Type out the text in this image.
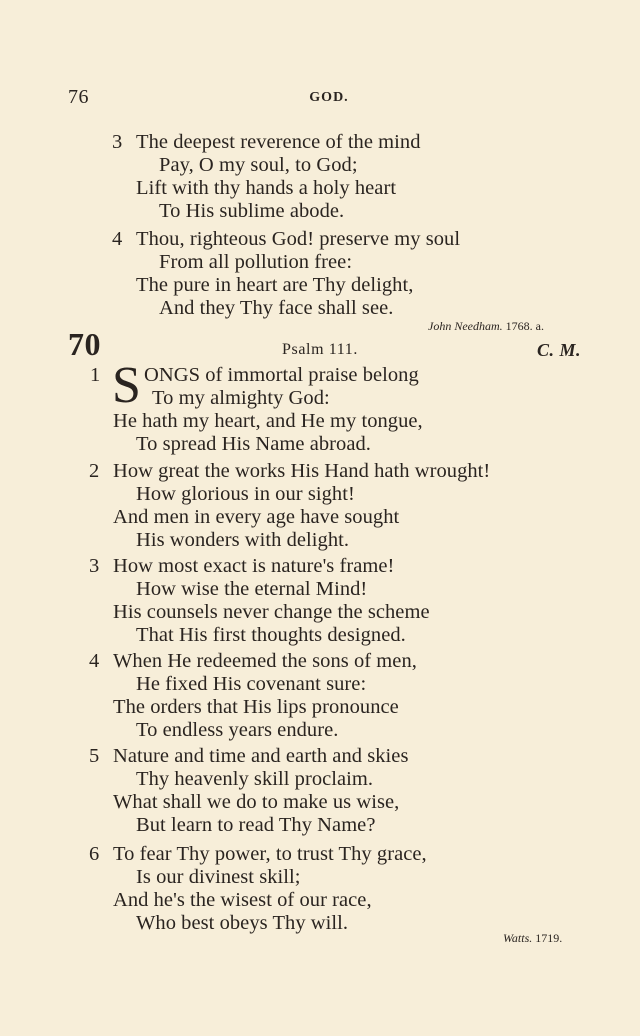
76	GOD.
3 The deepest reverence of the mind
Pay, O my soul, to God;
Lift with thy hands a holy heart
To His sublime abode.
4 Thou, righteous God! preserve my soul
From all pollution free:
The pure in heart are Thy delight,
And they Thy face shall see.
John Needham. 1768. a.
70	Psalm 111.	C. M.
1 S ONGS of immortal praise belong
To my almighty God:
He hath my heart, and He my tongue,
To spread His Name abroad.
2 How great the works His Hand hath wrought!
How glorious in our sight!
And men in every age have sought
His wonders with delight.
3 How most exact is nature's frame!
How wise the eternal Mind!
His counsels never change the scheme
That His first thoughts designed.
4 When He redeemed the sons of men,
He fixed His covenant sure:
The orders that His lips pronounce
To endless years endure.
5 Nature and time and earth and skies
Thy heavenly skill proclaim.
What shall we do to make us wise,
But learn to read Thy Name?
6 To fear Thy power, to trust Thy grace,
Is our divinest skill;
And he's the wisest of our race,
Who best obeys Thy will.
Watts. 1719.
